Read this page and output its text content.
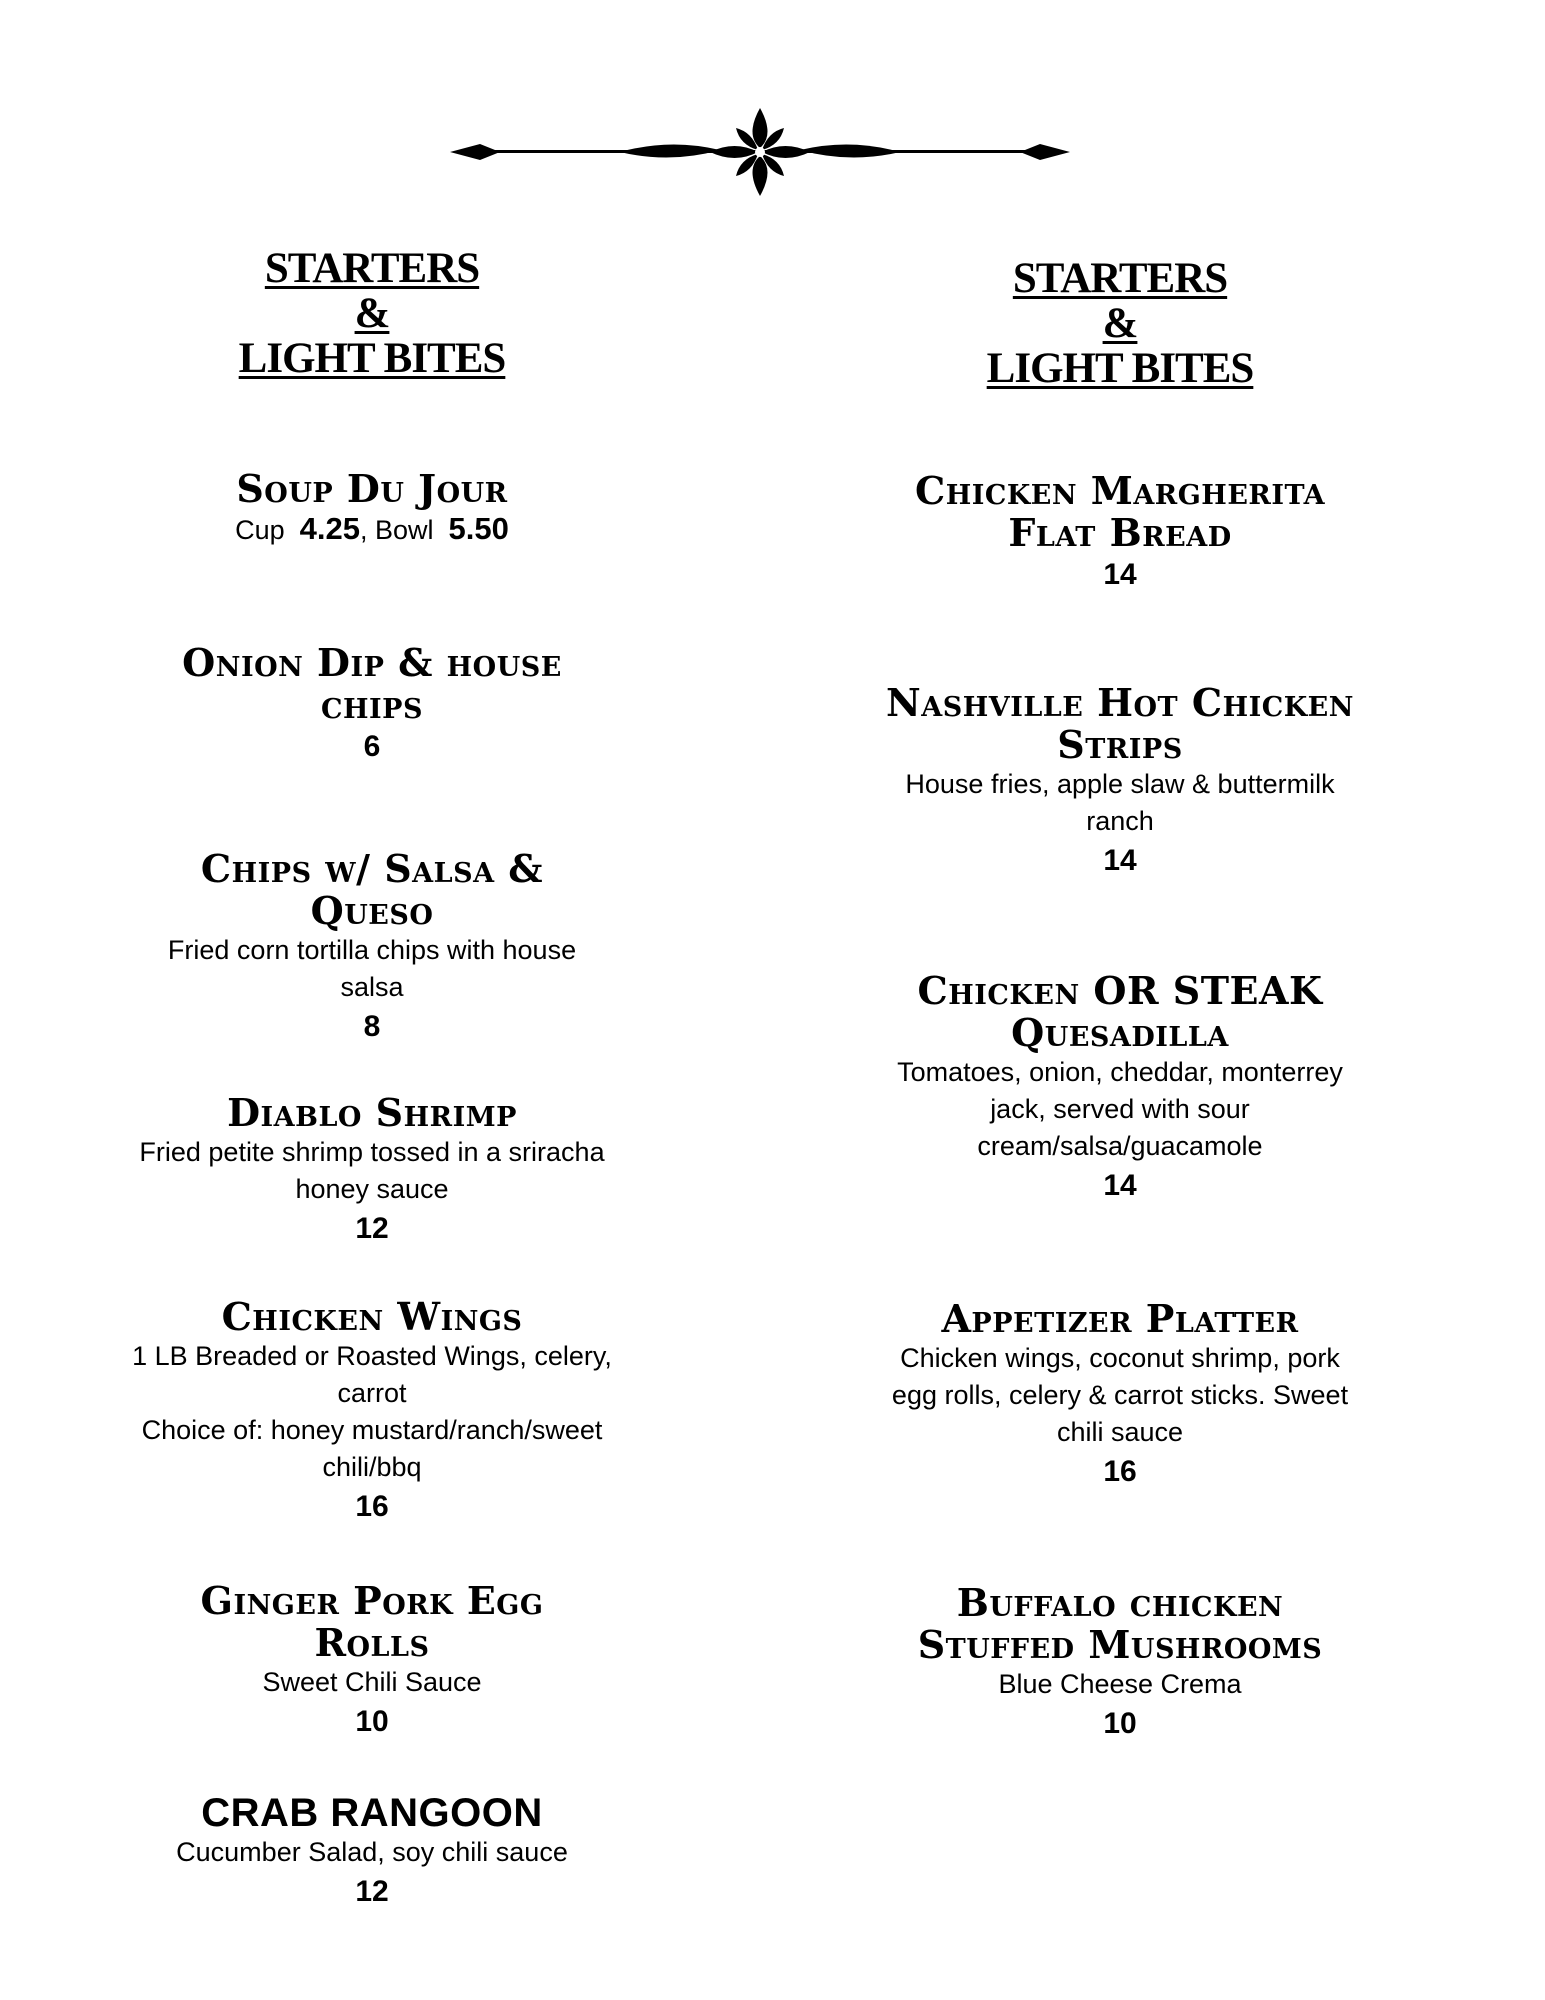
STARTERS
&
LIGHT BITES
Soup Du Jour
Cup 4.25, Bowl 5.50
Onion Dip & house chips
6
Chips w/ Salsa & Queso
Fried corn tortilla chips with house salsa
8
Diablo Shrimp
Fried petite shrimp tossed in a sriracha honey sauce
12
Chicken Wings
1 LB Breaded or Roasted Wings, celery, carrot
Choice of: honey mustard/ranch/sweet chili/bbq
16
Ginger Pork Egg Rolls
Sweet Chili Sauce
10
CRAB RANGOON
Cucumber Salad, soy chili sauce
12
STARTERS
&
LIGHT BITES
Chicken Margherita Flat Bread
14
Nashville Hot Chicken Strips
House fries, apple slaw & buttermilk ranch
14
Chicken OR STEAK Quesadilla
Tomatoes, onion, cheddar, monterrey jack, served with sour cream/salsa/guacamole
14
Appetizer Platter
Chicken wings, coconut shrimp, pork egg rolls, celery & carrot sticks. Sweet chili sauce
16
Buffalo chicken Stuffed Mushrooms
Blue Cheese Crema
10
